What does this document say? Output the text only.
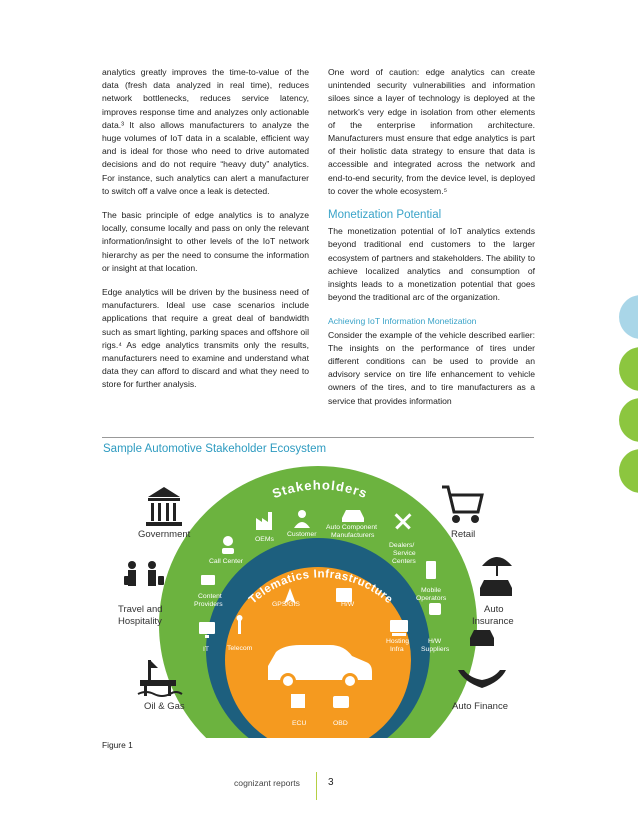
analytics greatly improves the time-to-value of the data (fresh data analyzed in real time), reduces network bottlenecks, reduces service latency, improves response time and analyzes only actionable data.³ It also allows manufacturers to analyze the huge volumes of IoT data in a scalable, efficient way and is ideal for those who need to drive automated decisions and do not require “heavy duty” analytics. For instance, such analytics can alert a manufacturer to switch off a valve once a leak is detected.

The basic principle of edge analytics is to analyze locally, consume locally and pass on only the relevant information/insight to other levels of the IoT network hierarchy as per the need to consume the information or insight at that location.

Edge analytics will be driven by the business need of manufacturers. Ideal use case scenarios include applications that require a great deal of bandwidth such as smart lighting, parking spaces and offshore oil rigs.⁴ As edge analytics transmits only the results, manufacturers need to examine and understand what data they can afford to discard and what they need to store for further analysis.

One word of caution: edge analytics can create unintended security vulnerabilities and information siloes since a layer of technology is deployed at the network's very edge in isolation from other elements of the enterprise information architecture. Manufacturers must ensure that edge analytics is part of their holistic data strategy to ensure that data is accessible and integrated across the network and end-to-end security, from the device level, is deployed to cover the whole ecosystem.⁵

Monetization Potential

The monetization potential of IoT analytics extends beyond traditional end customers to the larger ecosystem of partners and stakeholders. The ability to achieve localized analytics and consumption of insights leads to a monetization potential that goes beyond the traditional arc of the organization.

Achieving IoT Information Monetization

Consider the example of the vehicle described earlier: The insights on the performance of tires under different conditions can be used to provide an advisory service on tire life enhancement to vehicle owners of the tires, and to tire manufacturers as a service that provides information

Sample Automotive Stakeholder Ecosystem
Stakeholders
Telematics Infrastructure
Government	Retail
Travel and
Hospitality
Auto
Insurance
Oil & Gas	Auto Finance
OEMs
Customer
Auto Component
Manufacturers
Call Center
Dealers/
Service
Centers
Content
Providers
Mobile
Operators
IT
H/W
Suppliers
GPS/GIS	H/W
Telecom
Hosting
Infra
ECU	OBD
Figure 1
cognizant reports	3
